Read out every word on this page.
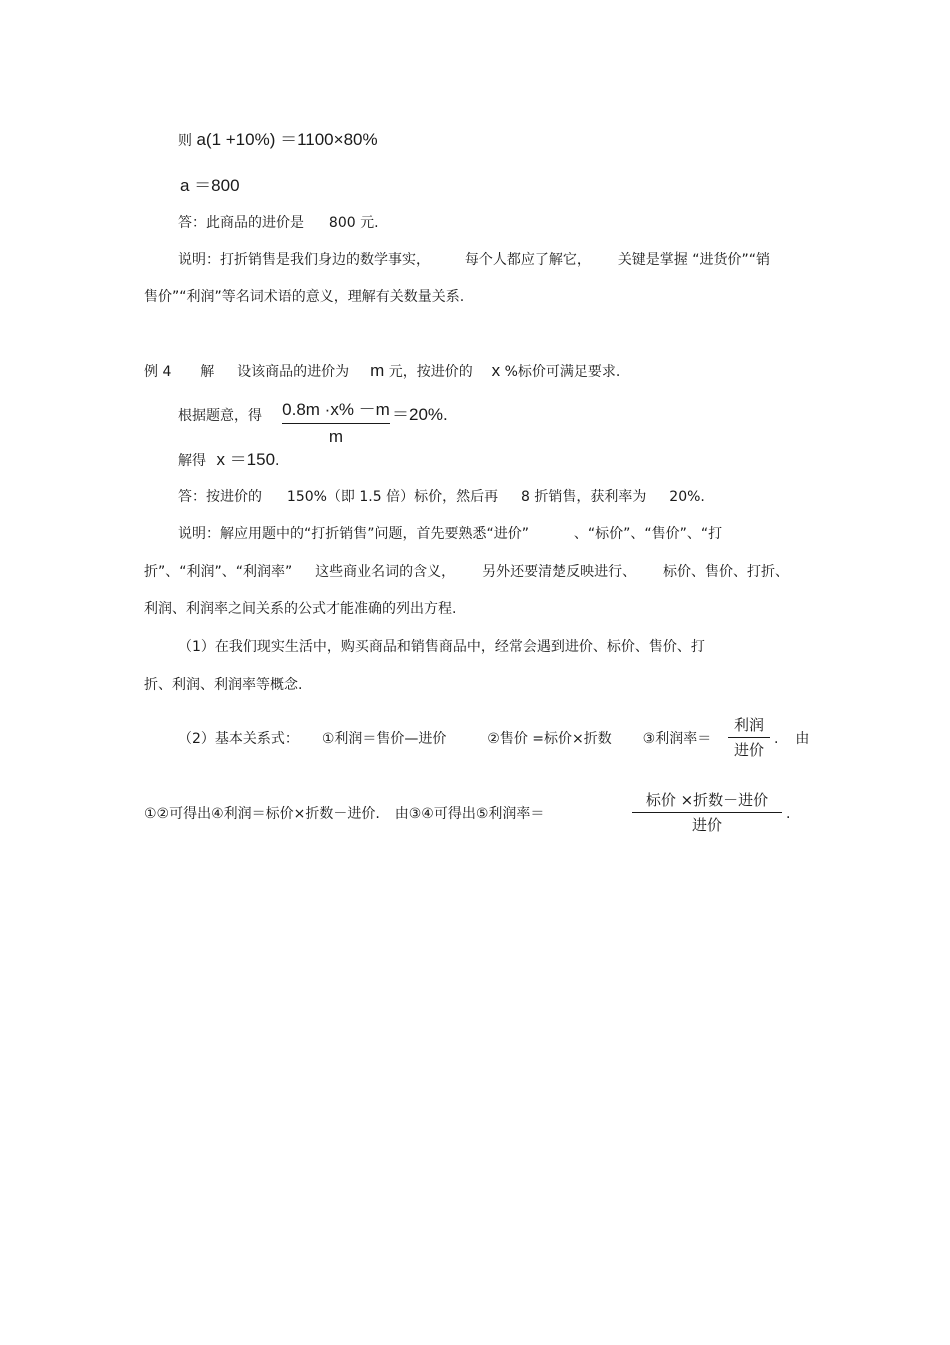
则 a(1 +10%) ＝1100×80%
a ＝800
答：此商品的进价是 800 元.
说明：打折销售是我们身边的数学事实， 每个人都应了解它， 关键是掌握 “进货价”“销
售价”“利润”等名词术语的意义，理解有关数量关系.
例 4 解 设该商品的进价为 m 元，按进价的 x %标价可满足要求.
根据题意，得 0.8m ·x% －m
m
＝20%.
解得 x ＝150.
答：按进价的 150%（即 1.5 倍）标价，然后再 8 折销售，获利率为 20%.
说明：解应用题中的“打折销售”问题，首先要熟悉“进价”	、“标价”、“售价”、“打
折”、“利润”、“利润率” 这些商业名词的含义， 另外还要清楚反映进行、 标价、售价、打折、
利润、利润率之间关系的公式才能准确的列出方程.
（1）在我们现实生活中，购买商品和销售商品中，经常会遇到进价、标价、售价、打
折、利润、利润率等概念.
（2）基本关系式： ①利润＝售价—进价	②售价 =标价×折数 ③利润率＝
利润
进价
. 由
①②可得出④利润＝标价×折数－进价. 由③④可得出⑤利润率＝
标价 ×折数－进价
进价
.
